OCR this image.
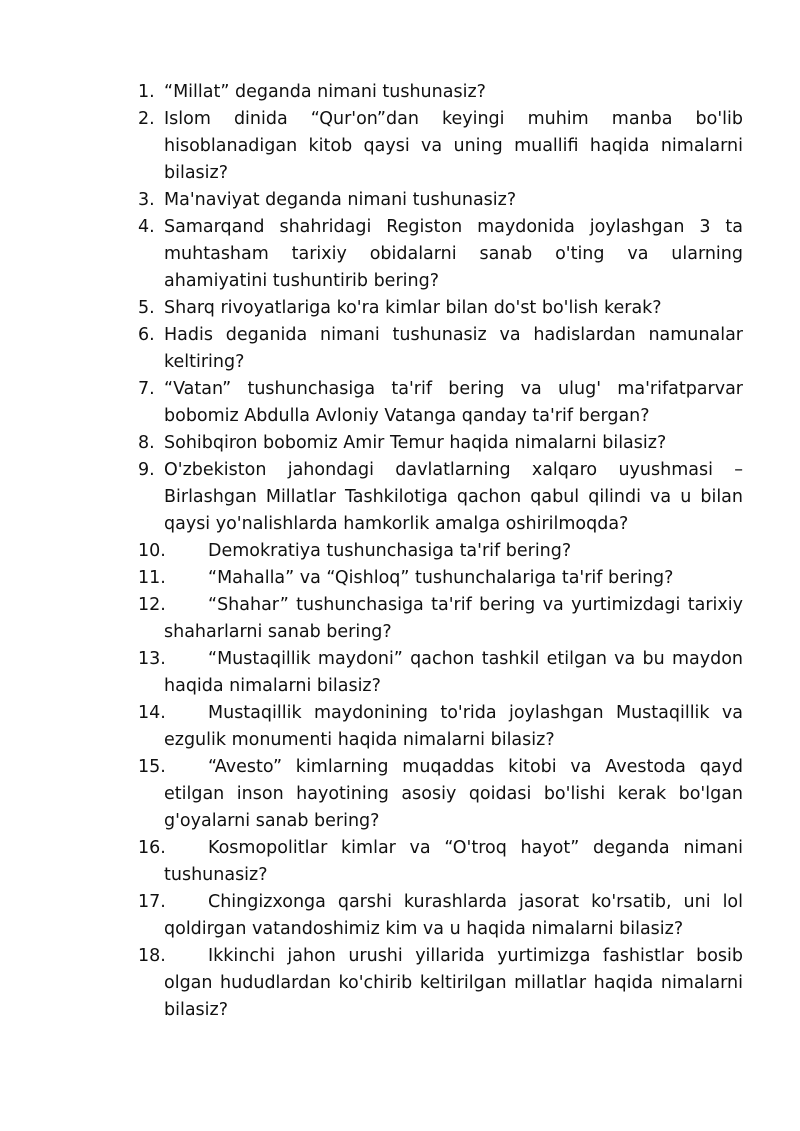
1. “Millat” deganda nimani tushunasiz?
2. Islom dinida “Qur'on”dan keyingi muhim manba bo'lib hisoblanadigan kitob qaysi va uning muallifi haqida nimalarni bilasiz?
3. Ma'naviyat deganda nimani tushunasiz?
4. Samarqand shahridagi Registon maydonida joylashgan 3 ta muhtasham tarixiy obidalarni sanab o'ting va ularning ahamiyatini tushuntirib bering?
5. Sharq rivoyatlariga ko'ra kimlar bilan do'st bo'lish kerak?
6. Hadis deganida nimani tushunasiz va hadislardan namunalar keltiring?
7. “Vatan” tushunchasiga ta'rif bering va ulug' ma'rifatparvar bobomiz Abdulla Avloniy Vatanga qanday ta'rif bergan?
8. Sohibqiron bobomiz Amir Temur haqida nimalarni bilasiz?
9. O'zbekiston jahondagi davlatlarning xalqaro uyushmasi – Birlashgan Millatlar Tashkilotiga qachon qabul qilindi va u bilan qaysi yo'nalishlarda hamkorlik amalga oshirilmoqda?
10. Demokratiya tushunchasiga ta'rif bering?
11. “Mahalla” va “Qishloq” tushunchalariga ta'rif bering?
12. “Shahar” tushunchasiga ta'rif bering va yurtimizdagi tarixiy shaharlarni sanab bering?
13. “Mustaqillik maydoni” qachon tashkil etilgan va bu maydon haqida nimalarni bilasiz?
14. Mustaqillik maydonining to'rida joylashgan Mustaqillik va ezgulik monumenti haqida nimalarni bilasiz?
15. “Avesto” kimlarning muqaddas kitobi va Avestoda qayd etilgan inson hayotining asosiy qoidasi bo'lishi kerak bo'lgan g'oyalarni sanab bering?
16. Kosmopolitlar kimlar va “O'troq hayot” deganda nimani tushunasiz?
17. Chingizxonga qarshi kurashlarda jasorat ko'rsatib, uni lol qoldirgan vatandoshimiz kim va u haqida nimalarni bilasiz?
18. Ikkinchi jahon urushi yillarida yurtimizga fashistlar bosib olgan hududlardan ko'chirib keltirilgan millatlar haqida nimalarni bilasiz?
